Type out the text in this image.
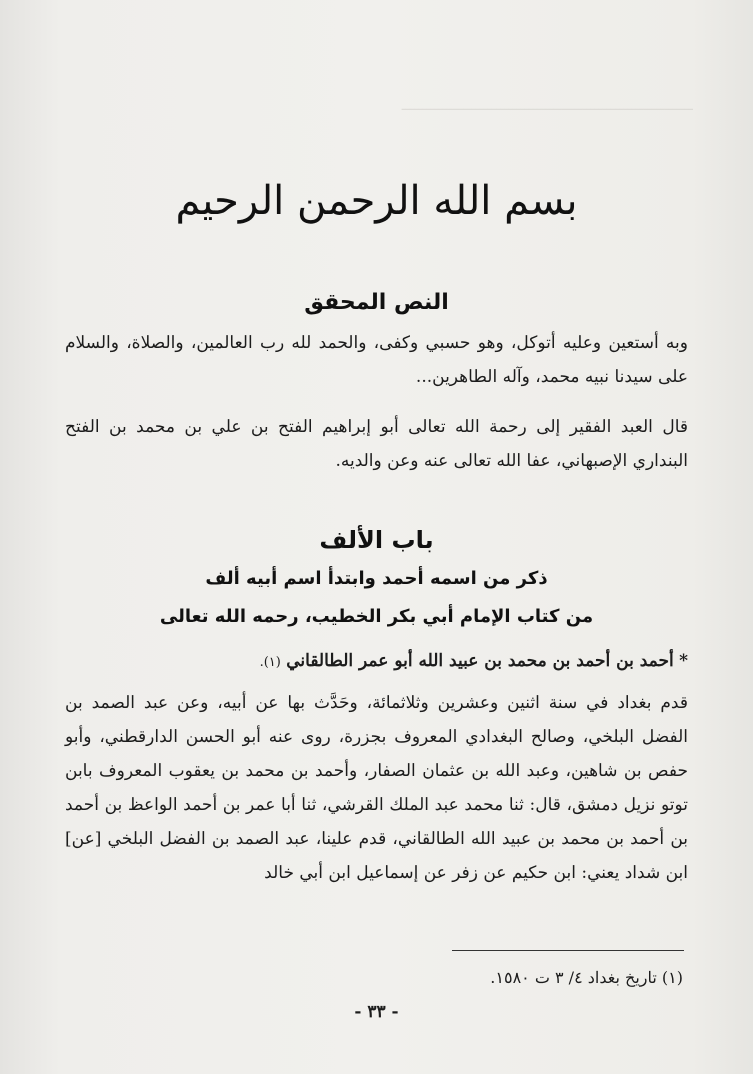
ـــــــــــــــــــــــــــــــــــــــــــــــــــــــــــــــــــــــ
بسم الله الرحمن الرحيم
النص المحقق
وبه أستعين وعليه أتوكل، وهو حسبي وكفى، والحمد لله رب العالمين، والصلاة، والسلام على سيدنا نبيه محمد، وآله الطاهرين...
قال العبد الفقير إلى رحمة الله تعالى أبو إبراهيم الفتح بن علي بن محمد بن الفتح البنداري الإصبهاني، عفا الله تعالى عنه وعن والديه.
باب الألف
ذكر من اسمه أحمد وابتدأ اسم أبيه ألف
من كتاب الإمام أبي بكر الخطيب، رحمه الله تعالى
* أحمد بن أحمد بن محمد بن عبيد الله أبو عمر الطالقاني (١).
قدم بغداد في سنة اثنين وعشرين وثلاثمائة، وحَدَّث بها عن أبيه، وعن عبد الصمد بن الفضل البلخي، وصالح البغدادي المعروف بجزرة، روى عنه أبو الحسن الدارقطني، وأبو حفص بن شاهين، وعبد الله بن عثمان الصفار، وأحمد بن محمد بن يعقوب المعروف بابن توتو نزيل دمشق، قال: ثنا محمد عبد الملك القرشي، ثنا أبا عمر بن أحمد الواعظ بن أحمد بن أحمد بن محمد بن عبيد الله الطالقاني، قدم علينا، عبد الصمد بن الفضل البلخي [عن] ابن شداد يعني: ابن حكيم عن زفر عن إسماعيل ابن أبي خالد
(١) تاريخ بغداد ٤/ ٣ ت ١٥٨٠.
- ٣٣ -
